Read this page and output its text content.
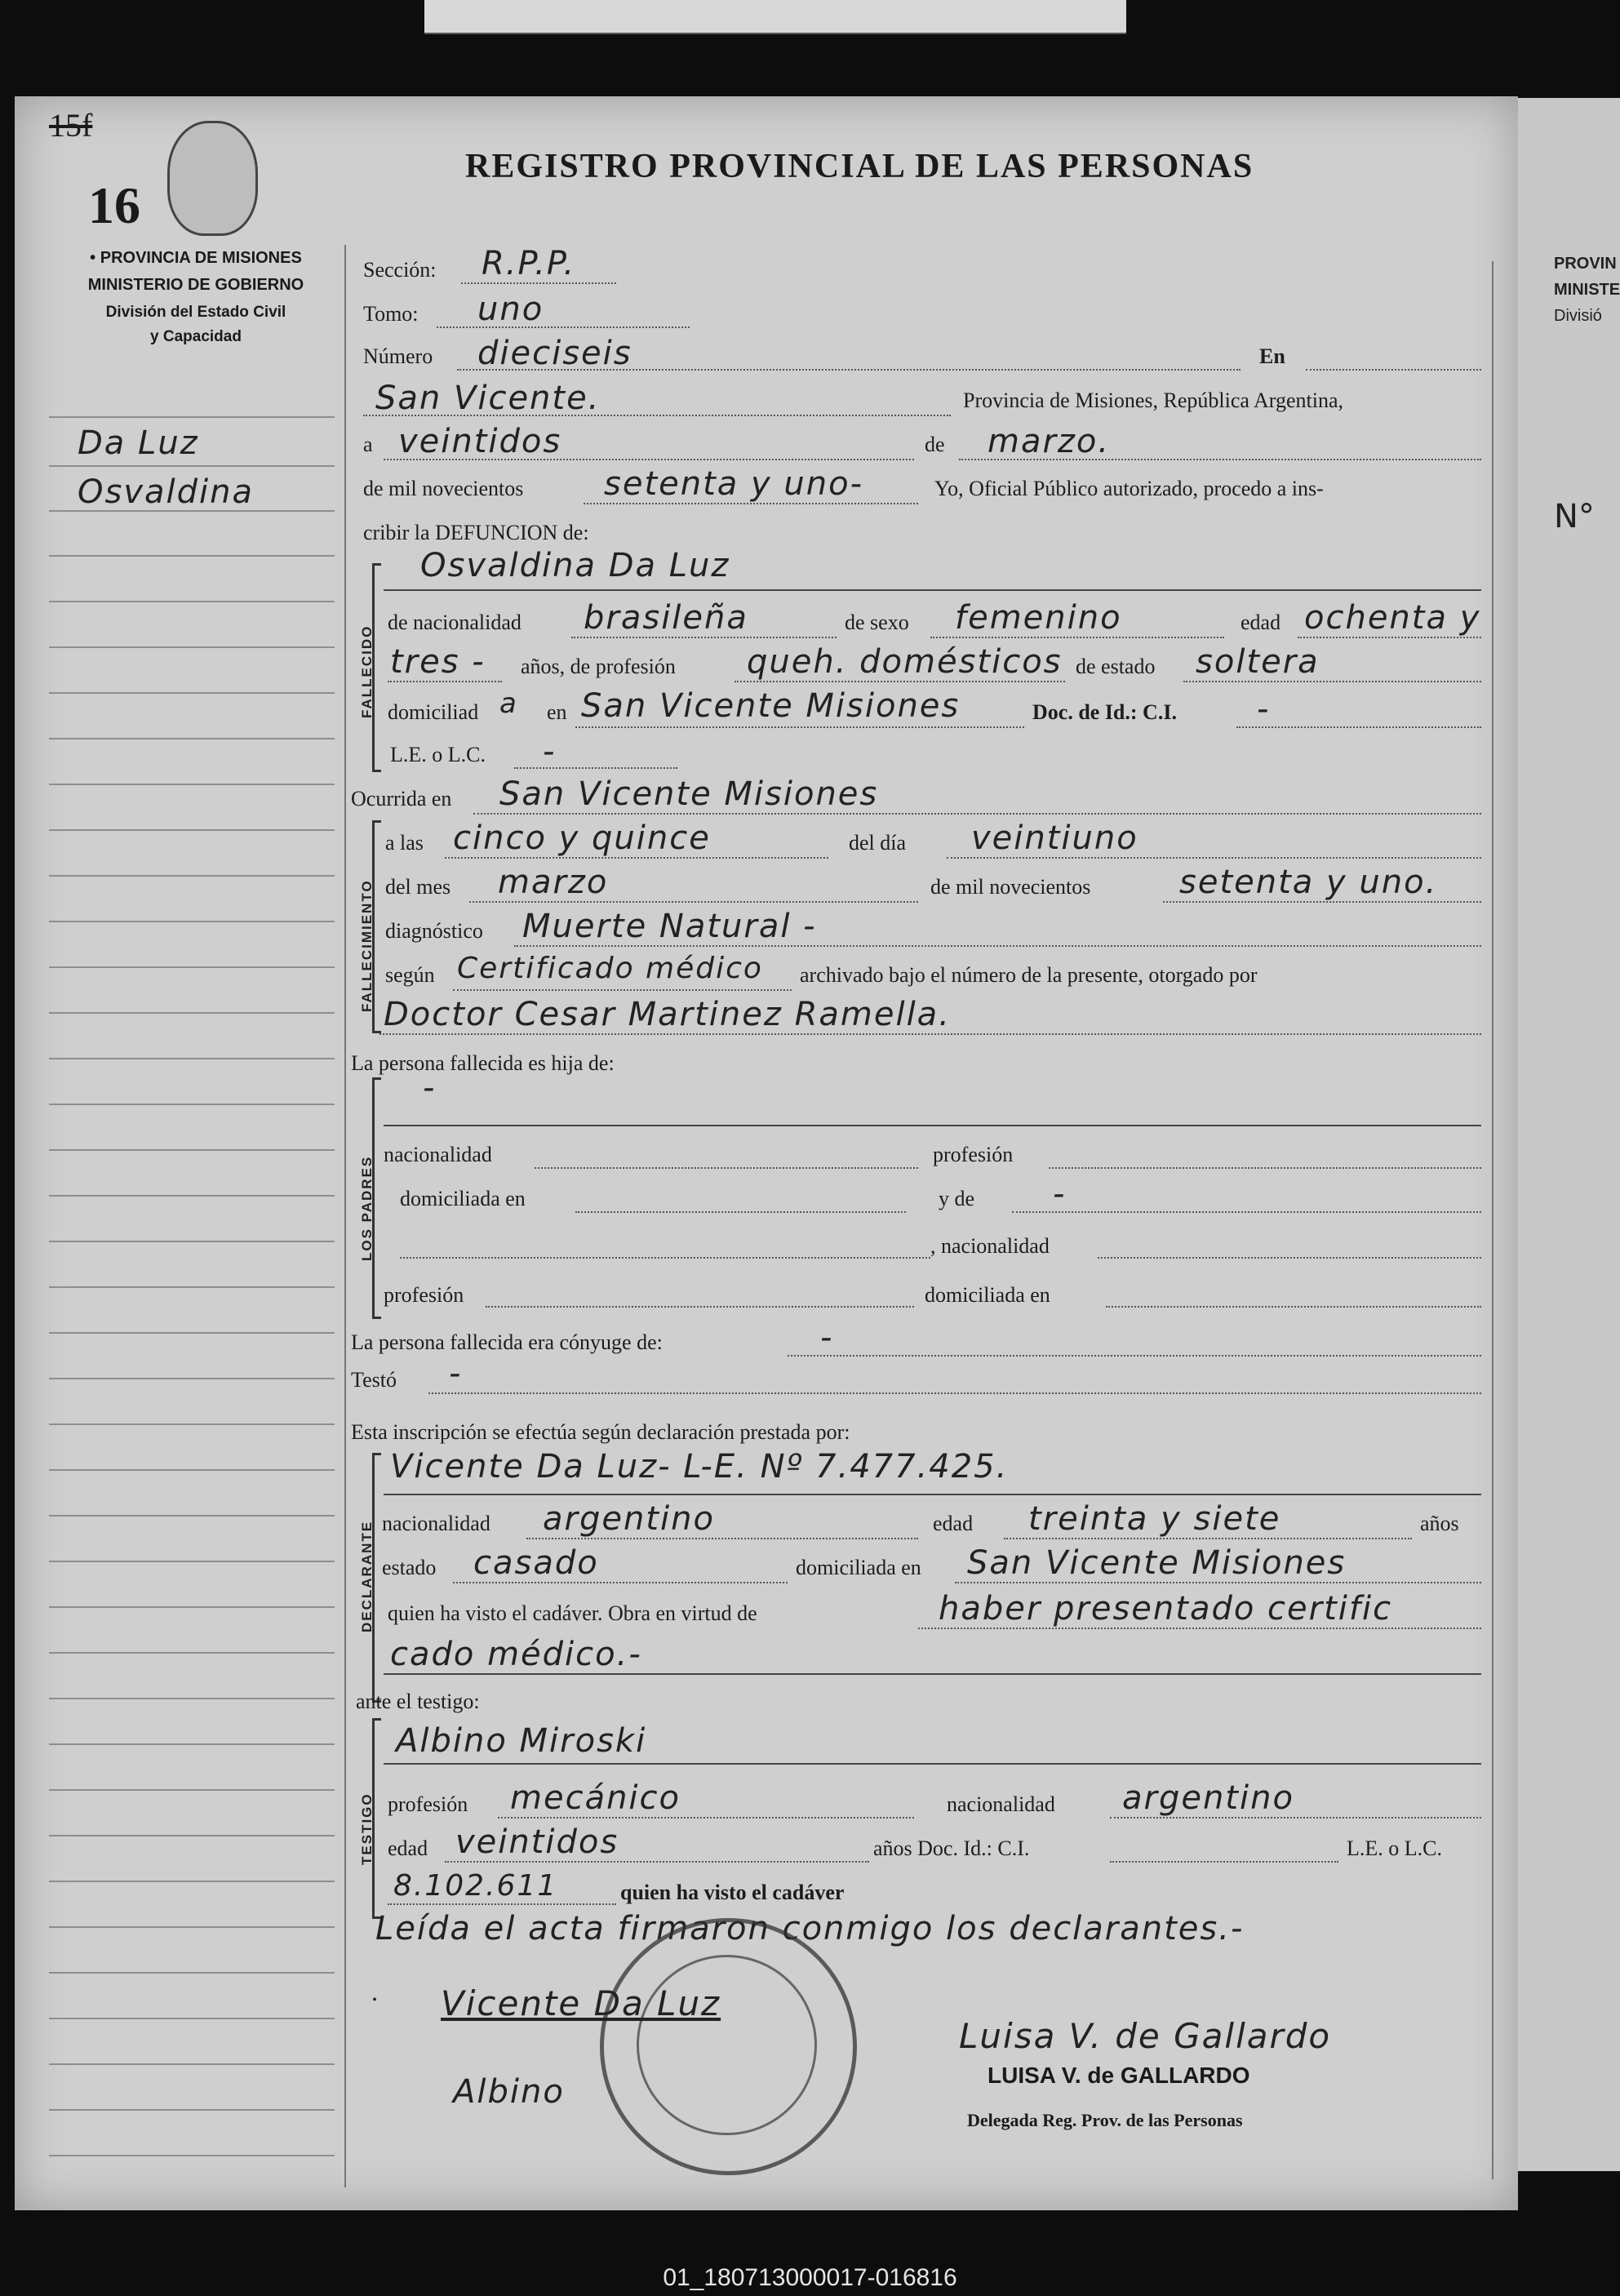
PROVIN
MINISTE
Divisió
N°
15f
16
• PROVINCIA DE MISIONES
MINISTERIO DE GOBIERNO
División del Estado Civil
y Capacidad
REGISTRO PROVINCIAL DE LAS PERSONAS
Da Luz
Osvaldina
Sección: R.P.P.
Tomo: uno
Número dieciseis	En
San Vicente.	Provincia de Misiones, República Argentina,
a veintidos	de marzo.
de mil novecientos setenta y uno-	Yo, Oficial Público autorizado, procedo a ins-
cribir la DEFUNCION de:
FALLECIDO
Osvaldina Da Luz
de nacionalidad brasileña	de sexo femenino	edad ochenta y
tres - años, de profesión queh. domésticos de estado soltera
domiciliad a en San Vicente Misiones	Doc. de Id.: C.I. -
L.E. o L.C. -
Ocurrida en San Vicente Misiones
FALLECIMIENTO
a las cinco y quince	del día veintiuno
del mes marzo	de mil novecientos	setenta y uno.
diagnóstico Muerte Natural -
según Certificado médico archivado bajo el número de la presente, otorgado por
Doctor Cesar Martinez Ramella.
La persona fallecida es hija de:
LOS PADRES
-
nacionalidad	profesión
domiciliada en	y de -
, nacionalidad
profesión	domiciliada en
La persona fallecida era cónyuge de:	-
Testó -
Esta inscripción se efectúa según declaración prestada por:
DECLARANTE
Vicente Da Luz- L-E. Nº 7.477.425.
nacionalidad argentino	edad treinta y siete	años
estado casado	domiciliada en San Vicente Misiones
quien ha visto el cadáver. Obra en virtud de	haber presentado certific
cado médico.-
ante el testigo:
TESTIGO
Albino Miroski
profesión mecánico	nacionalidad argentino
edad veintidos	años Doc. Id.: C.I.	L.E. o L.C.
8.102.611	quien ha visto el cadáver
Leída el acta firmaron conmigo los declarantes.-
. Vicente Da Luz
Albino
Luisa V. de Gallardo
LUISA V. de GALLARDO
Delegada Reg. Prov. de las Personas
01_180713000017-016816
